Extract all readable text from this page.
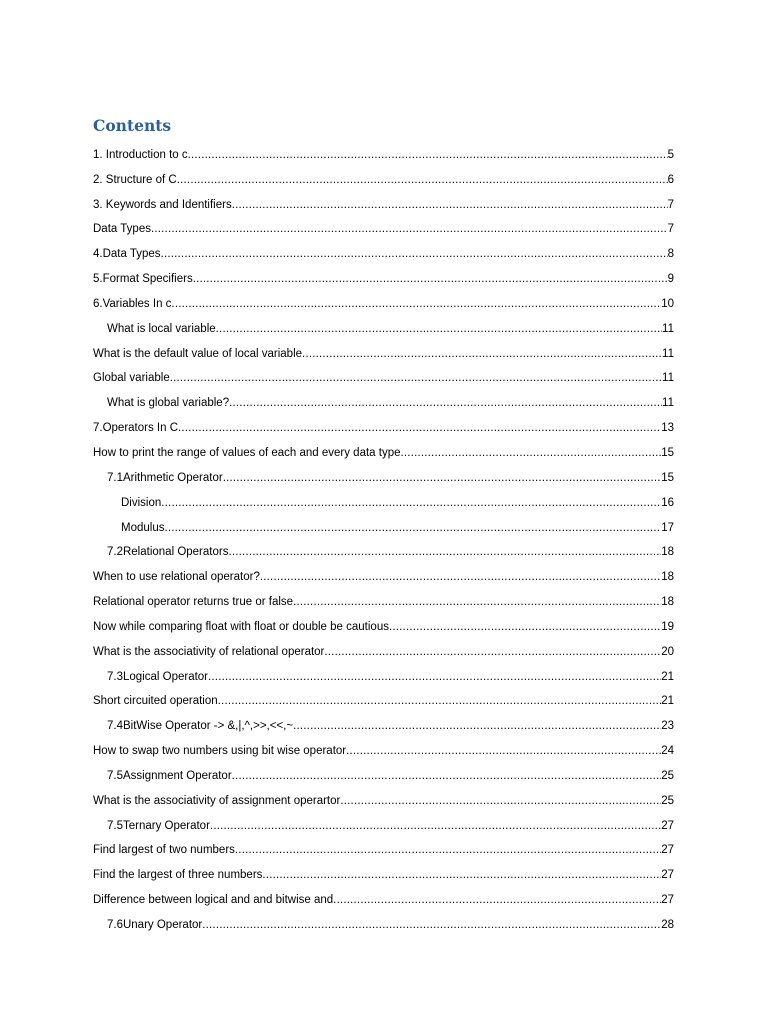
Contents
1. Introduction to c .....	5
2. Structure of C .....	6
3. Keywords and Identifiers .....	7
Data Types .....	7
4.Data Types .....	8
5.Format Specifiers .....	9
6.Variables In c .....	10
What is local variable .....	11
What is the default value of local variable .....	11
Global variable .....	11
What is global variable? .....	11
7.Operators In C .....	13
How to print the range of values of each and every data type .....	15
7.1Arithmetic Operator .....	15
Division .....	16
Modulus .....	17
7.2Relational Operators .....	18
When to use relational operator? .....	18
Relational operator returns true or false .....	18
Now while comparing float with float or double be cautious .....	19
What is the associativity of relational operator .....	20
7.3Logical Operator .....	21
Short circuited operation .....	21
7.4BitWise Operator -> &,|,^,>>,<<,~ .....	23
How to swap two numbers using bit wise operator .....	24
7.5Assignment Operator .....	25
What is the associativity of assignment operartor .....	25
7.5Ternary Operator .....	27
Find largest of two numbers .....	27
Find the largest of three numbers .....	27
Difference between logical and and bitwise and .....	27
7.6Unary Operator .....	28
